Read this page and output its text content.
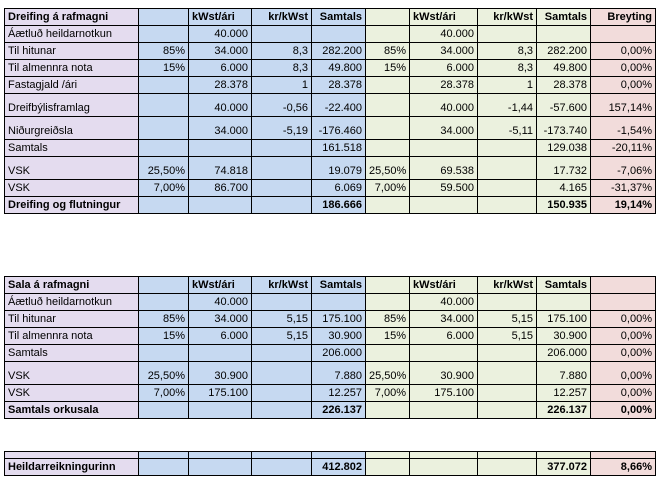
Dreifing á rafmagni		kWst/ári	kr/kWst	Samtals		kWst/ári	kr/kWst	Samtals	Breyting
Áætluð heildarnotkun		40.000				40.000			
Til hitunar	85%	34.000	8,3	282.200	85%	34.000	8,3	282.200	0,00%
Til almennra nota	15%	6.000	8,3	49.800	15%	6.000	8,3	49.800	0,00%
Fastagjald /ári		28.378	1	28.378		28.378	1	28.378	0,00%
Dreifbýlisframlag		40.000	-0,56	-22.400		40.000	-1,44	-57.600	157,14%
Niðurgreiðsla		34.000	-5,19	-176.460		34.000	-5,11	-173.740	-1,54%
Samtals				161.518				129.038	-20,11%
VSK	25,50%	74.818		19.079	25,50%	69.538		17.732	-7,06%
VSK	7,00%	86.700		6.069	7,00%	59.500		4.165	-31,37%
Dreifing og flutningur				186.666				150.935	19,14%
Sala á rafmagni		kWst/ári	kr/kWst	Samtals		kWst/ári	kr/kWst	Samtals	
Áætluð heildarnotkun		40.000				40.000			
Til hitunar	85%	34.000	5,15	175.100	85%	34.000	5,15	175.100	0,00%
Til almennra nota	15%	6.000	5,15	30.900	15%	6.000	5,15	30.900	0,00%
Samtals				206.000				206.000	0,00%
VSK	25,50%	30.900		7.880	25,50%	30.900		7.880	0,00%
VSK	7,00%	175.100		12.257	7,00%	175.100		12.257	0,00%
Samtals orkusala				226.137				226.137	0,00%

Heildarreikningurinn				412.802				377.072	8,66%
